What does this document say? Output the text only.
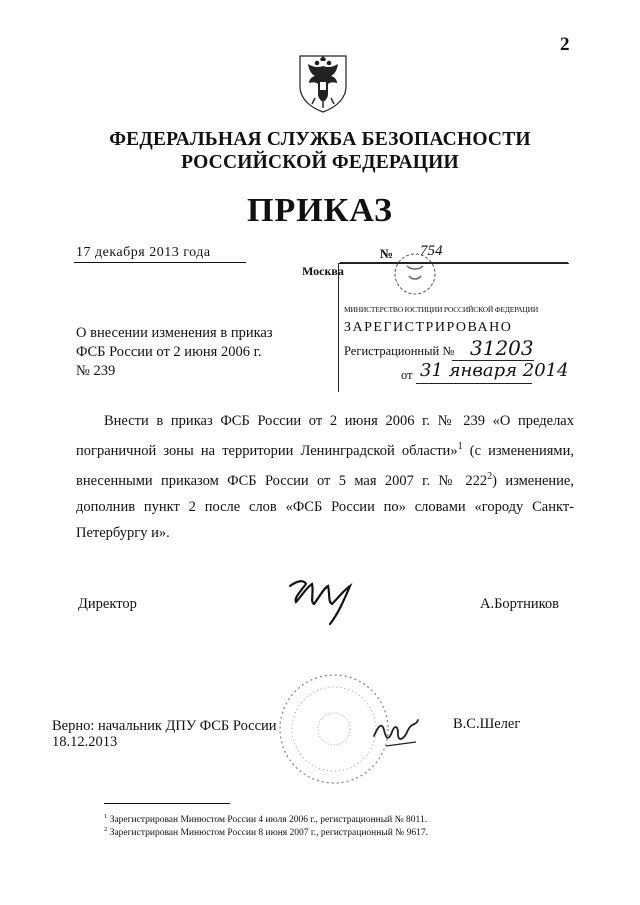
2
ФЕДЕРАЛЬНАЯ СЛУЖБА БЕЗОПАСНОСТИ
РОССИЙСКОЙ ФЕДЕРАЦИИ
ПРИКАЗ
17 декабря 2013 года
Москва
№ 754
МИНИСТЕРСТВО ЮСТИЦИИ РОССИЙСКОЙ ФЕДЕРАЦИИ
ЗАРЕГИСТРИРОВАНО
Регистрационный № 31203
от 31 января 2014
О внесении изменения в приказ
ФСБ России от 2 июня 2006 г.
№ 239
Внести в приказ ФСБ России от 2 июня 2006 г. № 239 «О пределах пограничной зоны на территории Ленинградской области»$^1$ (с изменениями, внесенными приказом ФСБ России от 5 мая 2007 г. № $222^2$) изменение, дополнив пункт 2 после слов «ФСБ России по» словами «городу Санкт-Петербургу и».
Директор	А.Бортников
Верно: начальник ДПУ ФСБ России
18.12.2013
В.С.Шелег
$^1$ Зарегистрирован Минюстом России 4 июля 2006 г., регистрационный № 8011.
$^2$ Зарегистрирован Минюстом России 8 июня 2007 г., регистрационный № 9617.
